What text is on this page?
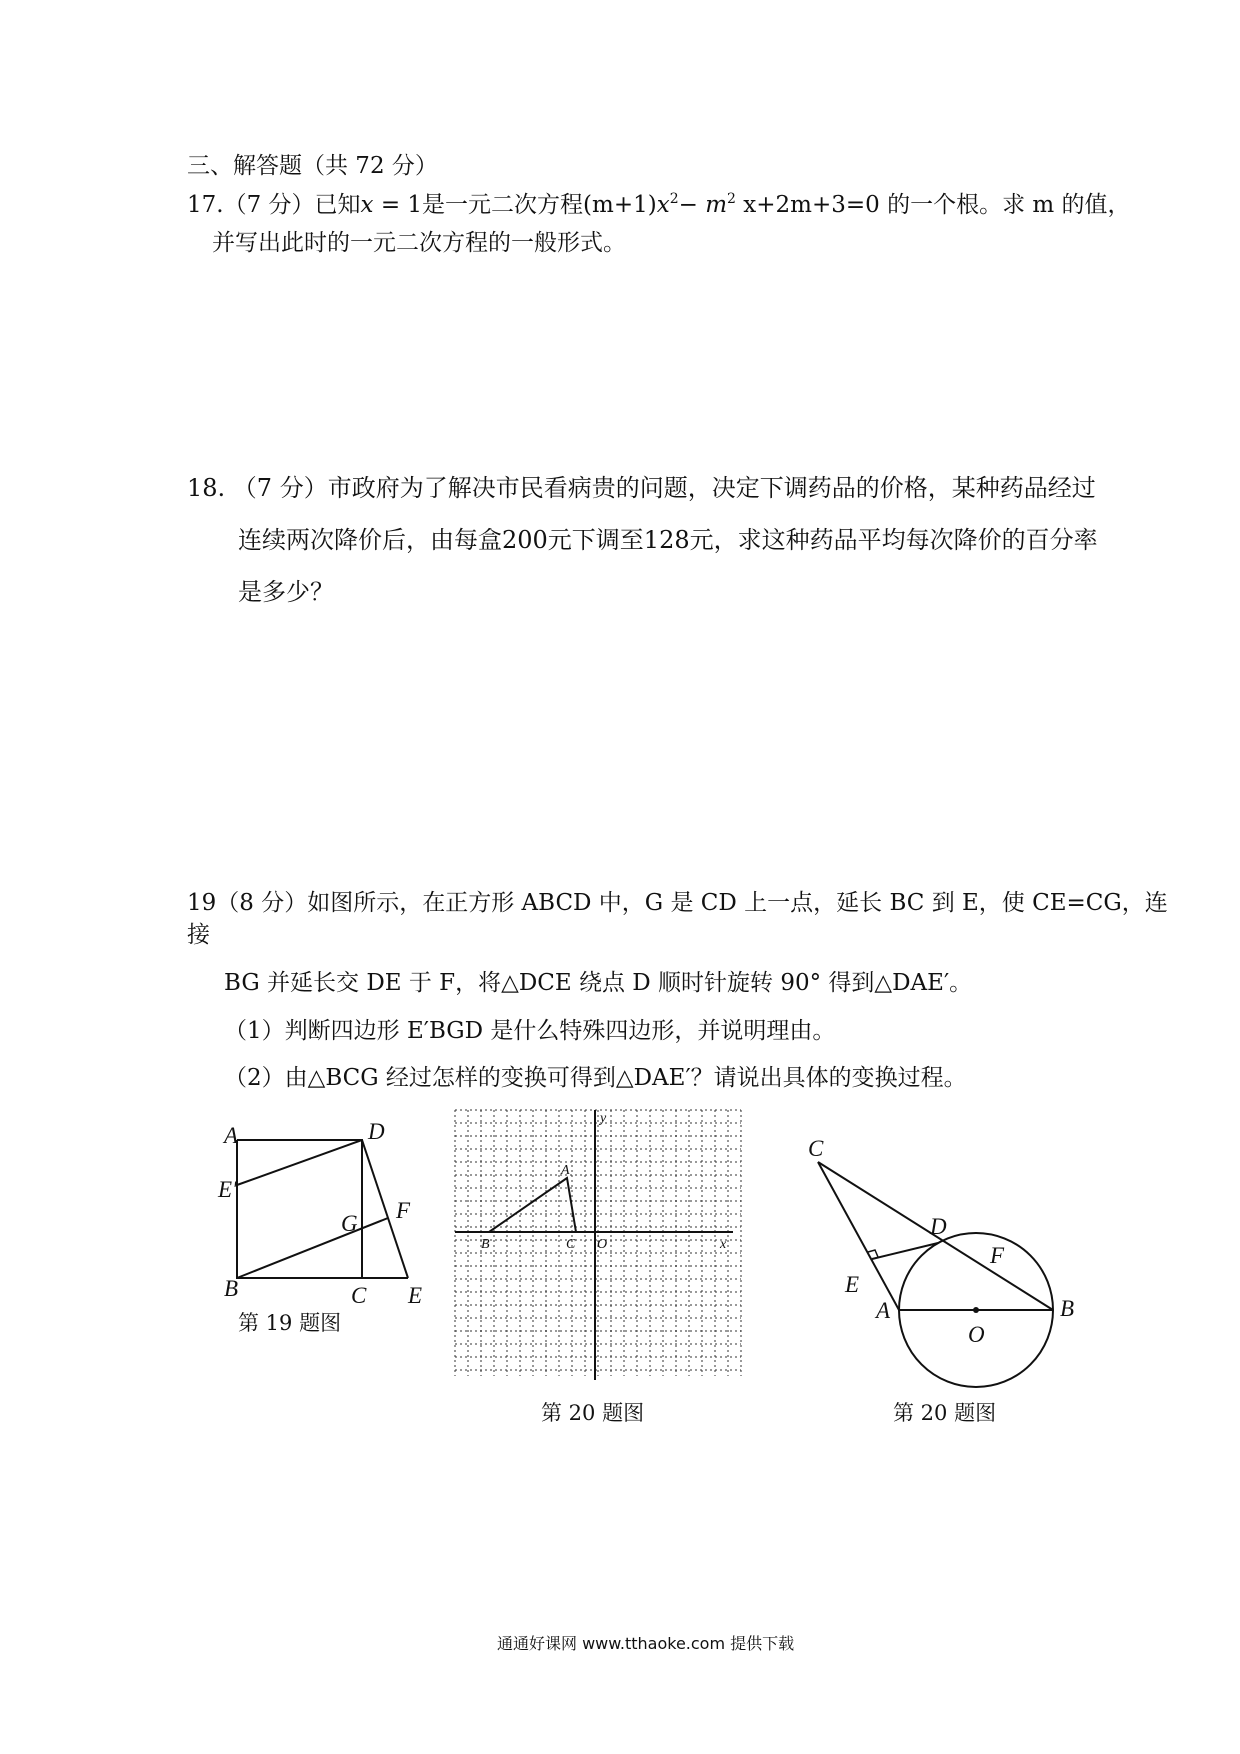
三、解答题（共 72 分）
17.（7 分）已知x = 1是一元二次方程$(m+1)x^2- m^2$ x+2m+3=0 的一个根。求 m 的值，
并写出此时的一元二次方程的一般形式。
18. （7 分）市政府为了解决市民看病贵的问题，决定下调药品的价格，某种药品经过
连续两次降价后，由每盒200元下调至128元，求这种药品平均每次降价的百分率
是多少？
19（8 分）如图所示，在正方形 ABCD 中，G 是 CD 上一点，延长 BC 到 E，使 CE=CG，连
接
BG 并延长交 DE 于 F，将△DCE 绕点 D 顺时针旋转 90° 得到△DAE′。
（1）判断四边形 E′BGD 是什么特殊四边形，并说明理由。
（2）由△BCG 经过怎样的变换可得到△DAE′？请说出具体的变换过程。
A	D
E′
G
F
B	C E
第 19 题图
y
x
A
B	C O
第 20 题图
C
D
F
E
A
O
B
第 20 题图
通通好课网 www.tthaoke.com 提供下载
